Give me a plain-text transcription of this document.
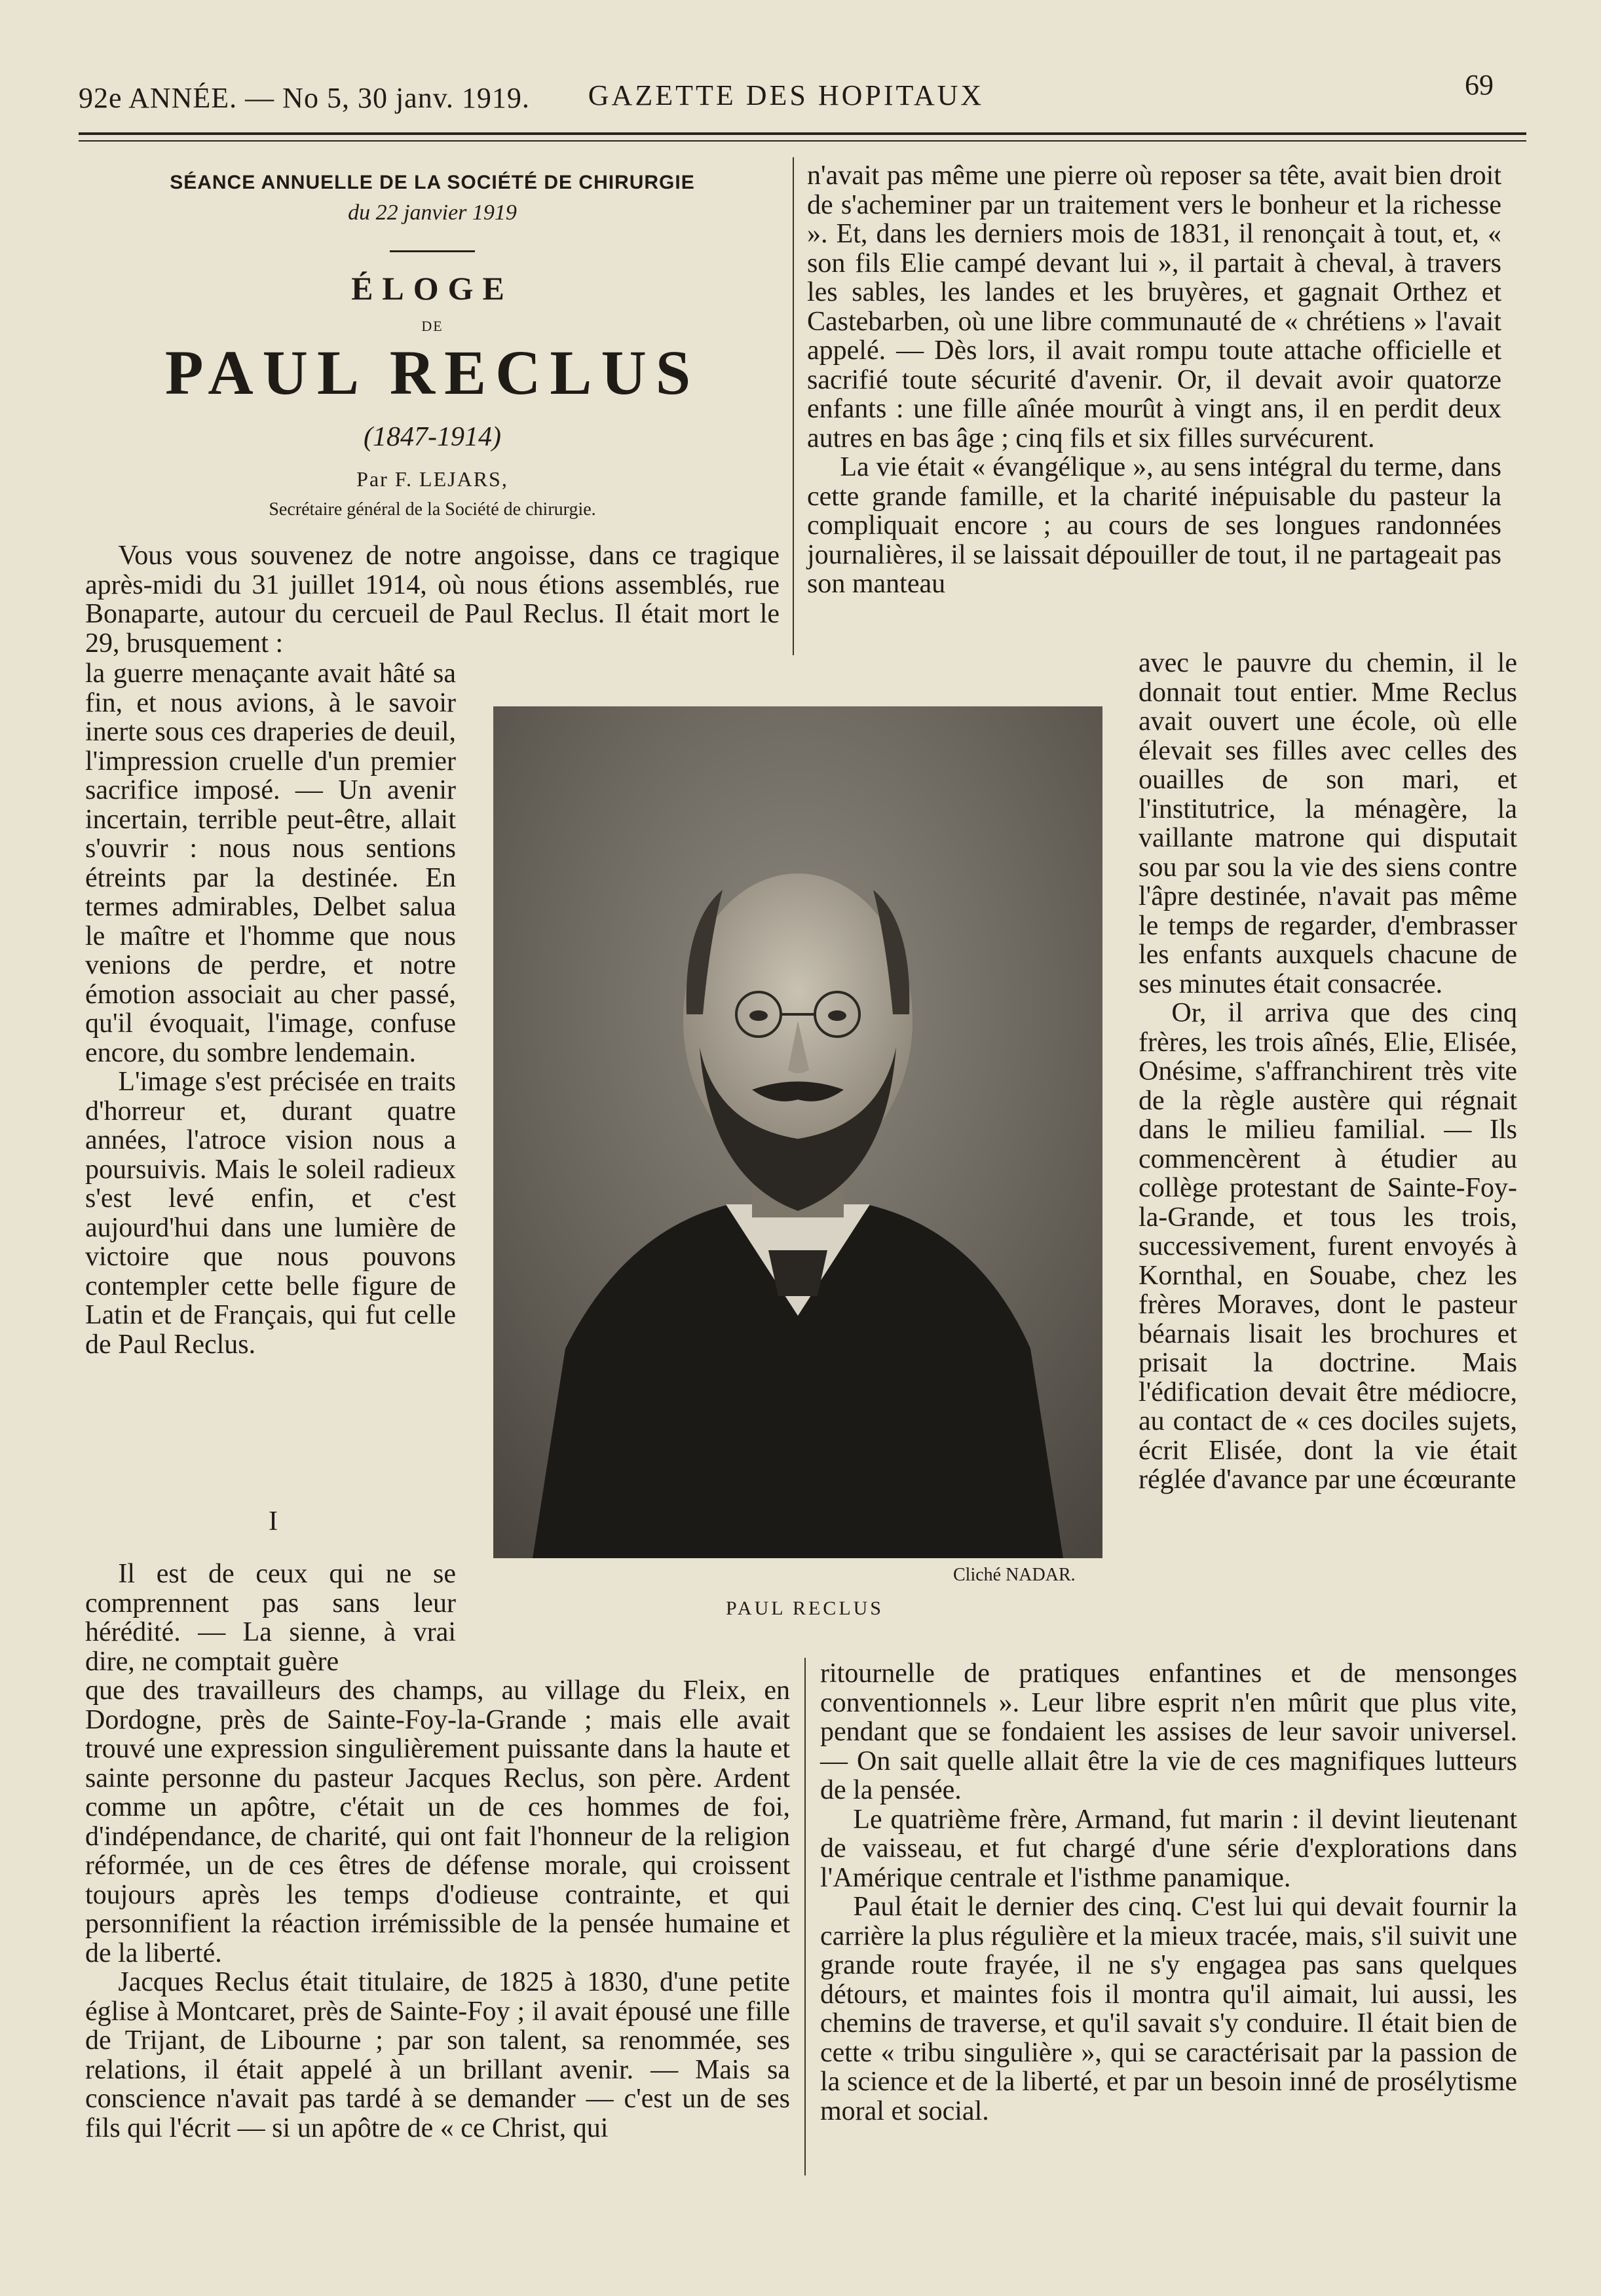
92e ANNÉE. — No 5, 30 janv. 1919.	GAZETTE DES HOPITAUX	69
SÉANCE ANNUELLE DE LA SOCIÉTÉ DE CHIRURGIE
du 22 janvier 1919
ÉLOGE
DE
PAUL RECLUS
(1847-1914)
Par F. LEJARS,
Secrétaire général de la Société de chirurgie.

Vous vous souvenez de notre angoisse, dans ce tragique après-midi du 31 juillet 1914, où nous étions assemblés, rue Bonaparte, autour du cercueil de Paul Reclus. Il était mort le 29, brusquement :

la guerre menaçante avait hâté sa fin, et nous avions, à le savoir inerte sous ces draperies de deuil, l'impression cruelle d'un premier sacrifice imposé. — Un avenir incertain, terrible peut-être, allait s'ouvrir : nous nous sentions étreints par la destinée. En termes admirables, Delbet salua le maître et l'homme que nous venions de perdre, et notre émotion associait au cher passé, qu'il évoquait, l'image, confuse encore, du sombre lendemain.

L'image s'est précisée en traits d'horreur et, durant quatre années, l'atroce vision nous a poursuivis. Mais le soleil radieux s'est levé enfin, et c'est aujourd'hui dans une lumière de victoire que nous pouvons contempler cette belle figure de Latin et de Français, qui fut celle de Paul Reclus.

I

Il est de ceux qui ne se comprennent pas sans leur hérédité. — La sienne, à vrai dire, ne comptait guère

que des travailleurs des champs, au village du Fleix, en Dordogne, près de Sainte-Foy-la-Grande ; mais elle avait trouvé une expression singulièrement puissante dans la haute et sainte personne du pasteur Jacques Reclus, son père. Ardent comme un apôtre, c'était un de ces hommes de foi, d'indépendance, de charité, qui ont fait l'honneur de la religion réformée, un de ces êtres de défense morale, qui croissent toujours après les temps d'odieuse contrainte, et qui personnifient la réaction irrémissible de la pensée humaine et de la liberté.

Jacques Reclus était titulaire, de 1825 à 1830, d'une petite église à Montcaret, près de Sainte-Foy ; il avait épousé une fille de Trijant, de Libourne ; par son talent, sa renommée, ses relations, il était appelé à un brillant avenir. — Mais sa conscience n'avait pas tardé à se demander — c'est un de ses fils qui l'écrit — si un apôtre de « ce Christ, qui

n'avait pas même une pierre où reposer sa tête, avait bien droit de s'acheminer par un traitement vers le bonheur et la richesse ». Et, dans les derniers mois de 1831, il renonçait à tout, et, « son fils Elie campé devant lui », il partait à cheval, à travers les sables, les landes et les bruyères, et gagnait Orthez et Castebarben, où une libre communauté de « chrétiens » l'avait appelé. — Dès lors, il avait rompu toute attache officielle et sacrifié toute sécurité d'avenir. Or, il devait avoir quatorze enfants : une fille aînée mourût à vingt ans, il en perdit deux autres en bas âge ; cinq fils et six filles survécurent.

La vie était « évangélique », au sens intégral du terme, dans cette grande famille, et la charité inépuisable du pasteur la compliquait encore ; au cours de ses longues randonnées journalières, il se laissait dépouiller de tout, il ne partageait pas son manteau

avec le pauvre du chemin, il le donnait tout entier. Mme Reclus avait ouvert une école, où elle élevait ses filles avec celles des ouailles de son mari, et l'institutrice, la ménagère, la vaillante matrone qui disputait sou par sou la vie des siens contre l'âpre destinée, n'avait pas même le temps de regarder, d'embrasser les enfants auxquels chacune de ses minutes était consacrée.

Or, il arriva que des cinq frères, les trois aînés, Elie, Elisée, Onésime, s'affranchirent très vite de la règle austère qui régnait dans le milieu familial. — Ils commencèrent à étudier au collège protestant de Sainte-Foy-la-Grande, et tous les trois, successivement, furent envoyés à Kornthal, en Souabe, chez les frères Moraves, dont le pasteur béarnais lisait les brochures et prisait la doctrine. Mais l'édification devait être médiocre, au contact de « ces dociles sujets, écrit Elisée, dont la vie était réglée d'avance par une écœurante

ritournelle de pratiques enfantines et de mensonges conventionnels ». Leur libre esprit n'en mûrit que plus vite, pendant que se fondaient les assises de leur savoir universel. — On sait quelle allait être la vie de ces magnifiques lutteurs de la pensée.

Le quatrième frère, Armand, fut marin : il devint lieutenant de vaisseau, et fut chargé d'une série d'explorations dans l'Amérique centrale et l'isthme panamique.

Paul était le dernier des cinq. C'est lui qui devait fournir la carrière la plus régulière et la mieux tracée, mais, s'il suivit une grande route frayée, il ne s'y engagea pas sans quelques détours, et maintes fois il montra qu'il aimait, lui aussi, les chemins de traverse, et qu'il savait s'y conduire. Il était bien de cette « tribu singulière », qui se caractérisait par la passion de la science et de la liberté, et par un besoin inné de prosélytisme moral et social.

Cliché NADAR.
PAUL RECLUS
